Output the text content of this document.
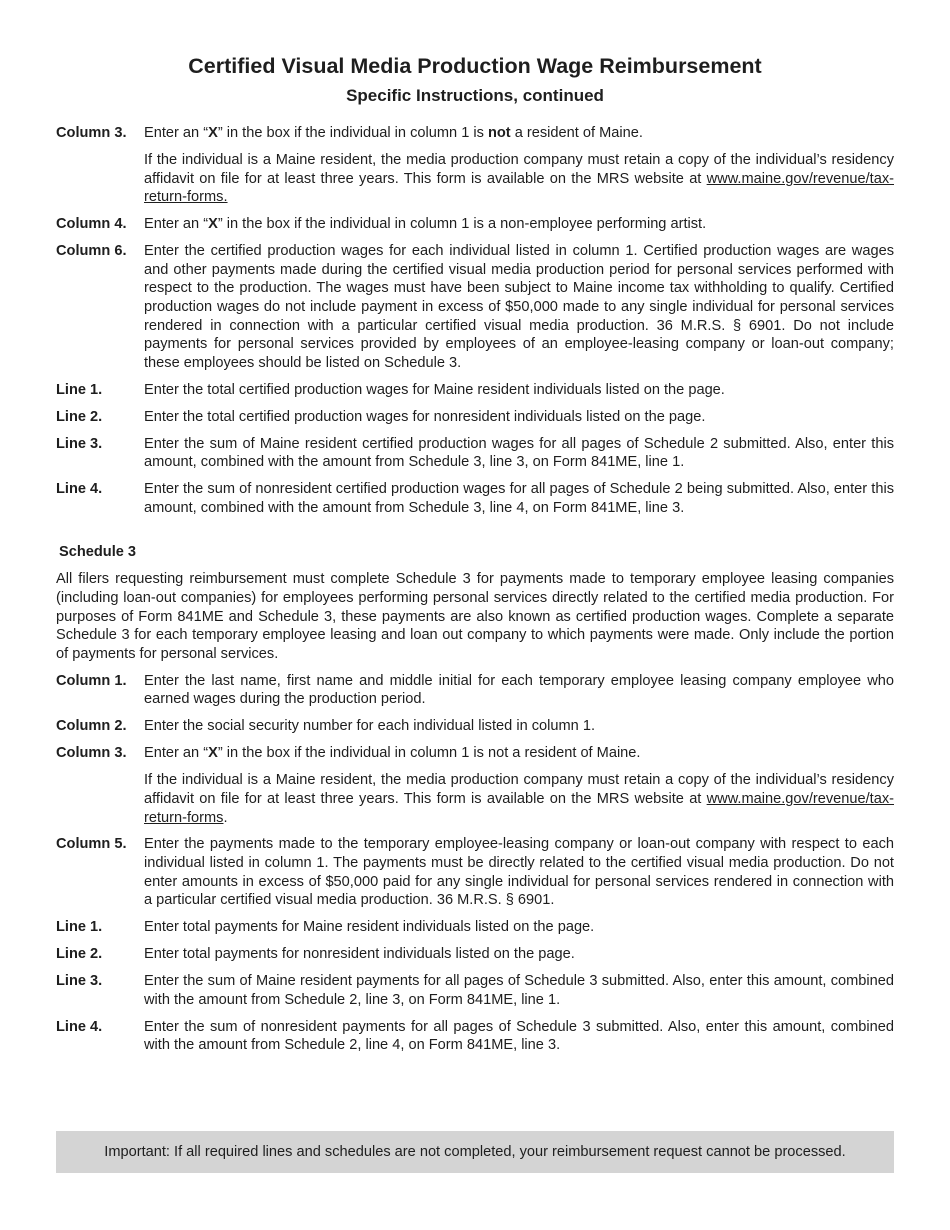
Certified Visual Media Production Wage Reimbursement
Specific Instructions, continued
Column 3.	Enter an “X” in the box if the individual in column 1 is not a resident of Maine.
If the individual is a Maine resident, the media production company must retain a copy of the individual’s residency affidavit on file for at least three years. This form is available on the MRS website at www.maine.gov/revenue/tax-return-forms.
Column 4.	Enter an “X” in the box if the individual in column 1 is a non-employee performing artist.
Column 6.	Enter the certified production wages for each individual listed in column 1. Certified production wages are wages and other payments made during the certified visual media production period for personal services performed with respect to the production. The wages must have been subject to Maine income tax withholding to qualify. Certified production wages do not include payment in excess of $50,000 made to any single individual for personal services rendered in connection with a particular certified visual media production. 36 M.R.S. § 6901. Do not include payments for personal services provided by employees of an employee-leasing company or loan-out company; these employees should be listed on Schedule 3.
Line 1.	Enter the total certified production wages for Maine resident individuals listed on the page.
Line 2.	Enter the total certified production wages for nonresident individuals listed on the page.
Line 3.	Enter the sum of Maine resident certified production wages for all pages of Schedule 2 submitted. Also, enter this amount, combined with the amount from Schedule 3, line 3, on Form 841ME, line 1.
Line 4.	Enter the sum of nonresident certified production wages for all pages of Schedule 2 being submitted. Also, enter this amount, combined with the amount from Schedule 3, line 4, on Form 841ME, line 3.
Schedule 3
All filers requesting reimbursement must complete Schedule 3 for payments made to temporary employee leasing companies (including loan-out companies) for employees performing personal services directly related to the certified media production. For purposes of Form 841ME and Schedule 3, these payments are also known as certified production wages. Complete a separate Schedule 3 for each temporary employee leasing and loan out company to which payments were made. Only include the portion of payments for personal services.
Column 1.	Enter the last name, first name and middle initial for each temporary employee leasing company employee who earned wages during the production period.
Column 2.	Enter the social security number for each individual listed in column 1.
Column 3.	Enter an “X” in the box if the individual in column 1 is not a resident of Maine.
If the individual is a Maine resident, the media production company must retain a copy of the individual’s residency affidavit on file for at least three years. This form is available on the MRS website at www.maine.gov/revenue/tax-return-forms.
Column 5.	Enter the payments made to the temporary employee-leasing company or loan-out company with respect to each individual listed in column 1. The payments must be directly related to the certified visual media production. Do not enter amounts in excess of $50,000 paid for any single individual for personal services rendered in connection with a particular certified visual media production. 36 M.R.S. § 6901.
Line 1.	Enter total payments for Maine resident individuals listed on the page.
Line 2.	Enter total payments for nonresident individuals listed on the page.
Line 3.	Enter the sum of Maine resident payments for all pages of Schedule 3 submitted. Also, enter this amount, combined with the amount from Schedule 2, line 3, on Form 841ME, line 1.
Line 4.	Enter the sum of nonresident payments for all pages of Schedule 3 submitted. Also, enter this amount, combined with the amount from Schedule 2, line 4, on Form 841ME, line 3.
Important: If all required lines and schedules are not completed, your reimbursement request cannot be processed.
